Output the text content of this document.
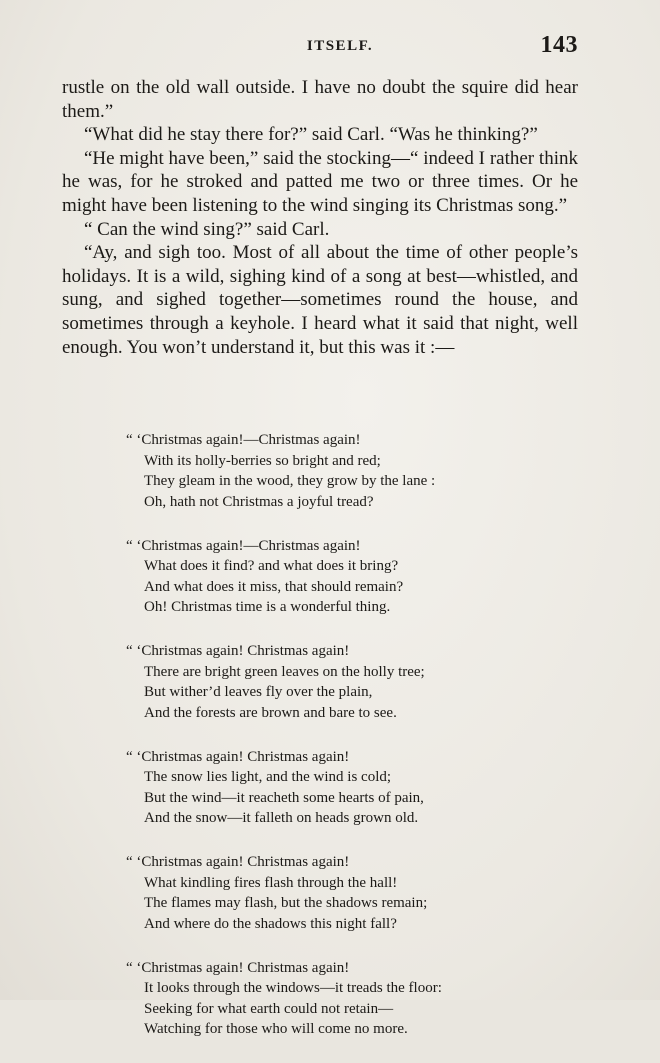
ITSELF.	143

rustle on the old wall outside. I have no doubt the squire did hear them.”

“What did he stay there for?” said Carl. “Was he thinking?”

“He might have been,” said the stocking—“ indeed I rather think he was, for he stroked and patted me two or three times. Or he might have been listening to the wind singing its Christmas song.”

“ Can the wind sing?” said Carl.

“Ay, and sigh too. Most of all about the time of other people’s holidays. It is a wild, sighing kind of a song at best—whistled, and sung, and sighed together—sometimes round the house, and sometimes through a keyhole. I heard what it said that night, well enough. You won’t understand it, but this was it :—

“ ‘Christmas again!—Christmas again!
With its holly-berries so bright and red;
They gleam in the wood, they grow by the lane :
Oh, hath not Christmas a joyful tread?
“ ‘Christmas again!—Christmas again!
What does it find? and what does it bring?
And what does it miss, that should remain?
Oh! Christmas time is a wonderful thing.
“ ‘Christmas again! Christmas again!
There are bright green leaves on the holly tree;
But wither’d leaves fly over the plain,
And the forests are brown and bare to see.
“ ‘Christmas again! Christmas again!
The snow lies light, and the wind is cold;
But the wind—it reacheth some hearts of pain,
And the snow—it falleth on heads grown old.
“ ‘Christmas again! Christmas again!
What kindling fires flash through the hall!
The flames may flash, but the shadows remain;
And where do the shadows this night fall?
“ ‘Christmas again! Christmas again!
It looks through the windows—it treads the floor:
Seeking for what earth could not retain—
Watching for those who will come no more.
